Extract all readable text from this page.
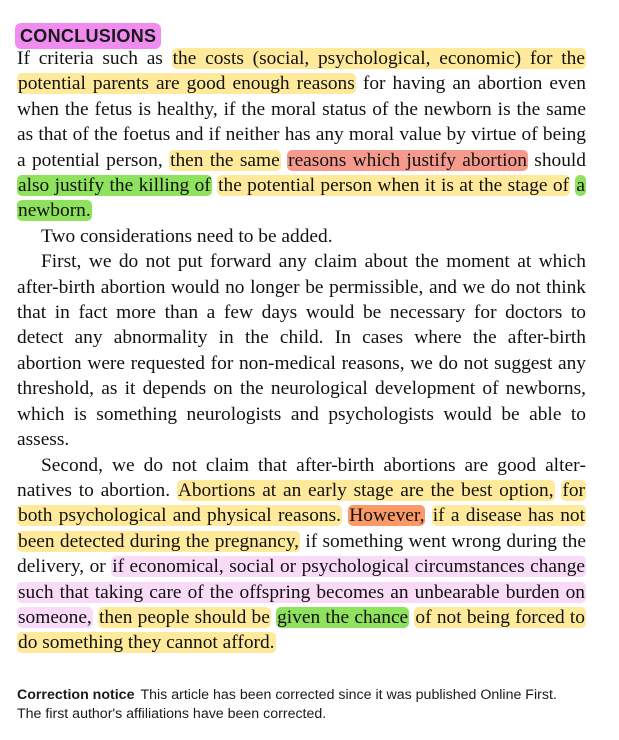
CONCLUSIONS

If criteria such as the costs (social, psychological, economic) for the potential parents are good enough reasons for having an abortion even when the fetus is healthy, if the moral status of the newborn is the same as that of the foetus and if neither has any moral value by virtue of being a potential person, then the same reasons which justify abortion should also justify the killing of the potential person when it is at the stage of a newborn.

Two considerations need to be added.

First, we do not put forward any claim about the moment at which after-birth abortion would no longer be permissible, and we do not think that in fact more than a few days would be necessary for doctors to detect any abnormality in the child. In cases where the after-birth abortion were requested for non-medical reasons, we do not suggest any threshold, as it depends on the neurological development of newborns, which is something neurologists and psychologists would be able to assess.

Second, we do not claim that after-birth abortions are good alternatives to abortion. Abortions at an early stage are the best option, for both psychological and physical reasons. However, if a disease has not been detected during the pregnancy, if something went wrong during the delivery, or if economical, social or psychological circumstances change such that taking care of the offspring becomes an unbearable burden on someone, then people should be given the chance of not being forced to do something they cannot afford.

Correction notice This article has been corrected since it was published Online First. The first author's affiliations have been corrected.
